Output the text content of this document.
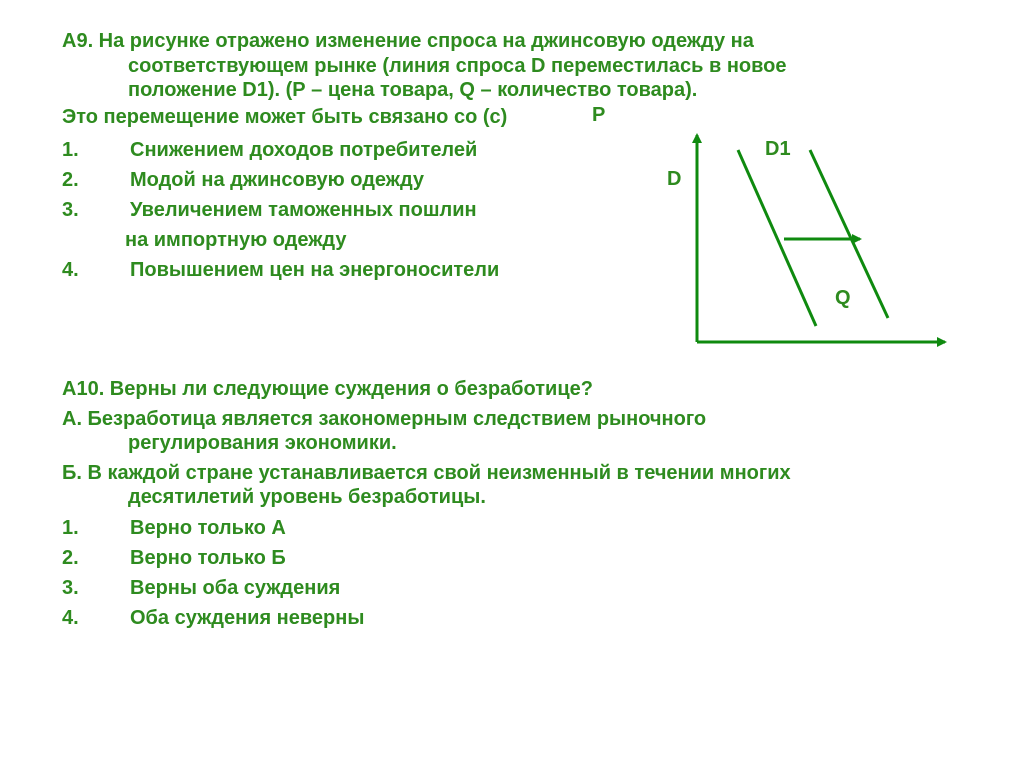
А9. На рисунке отражено изменение спроса на джинсовую одежду на
соответствующем рынке (линия спроса D переместилась в новое
положение D1). (Р – цена товара, Q – количество товара).
Это перемещение может быть связано со (с)
1.	Снижением доходов потребителей
2.	Модой на джинсовую одежду
3.	Увеличением таможенных пошлин
на импортную одежду
4.	Повышением цен на энергоносители
P
D
D1
Q
А10. Верны ли следующие суждения о безработице?
А. Безработица является закономерным следствием рыночного
регулирования экономики.
Б. В каждой стране устанавливается свой неизменный в течении многих
десятилетий уровень безработицы.
1.	Верно только А
2.	Верно только Б
3.	Верны оба суждения
4.	Оба суждения неверны
